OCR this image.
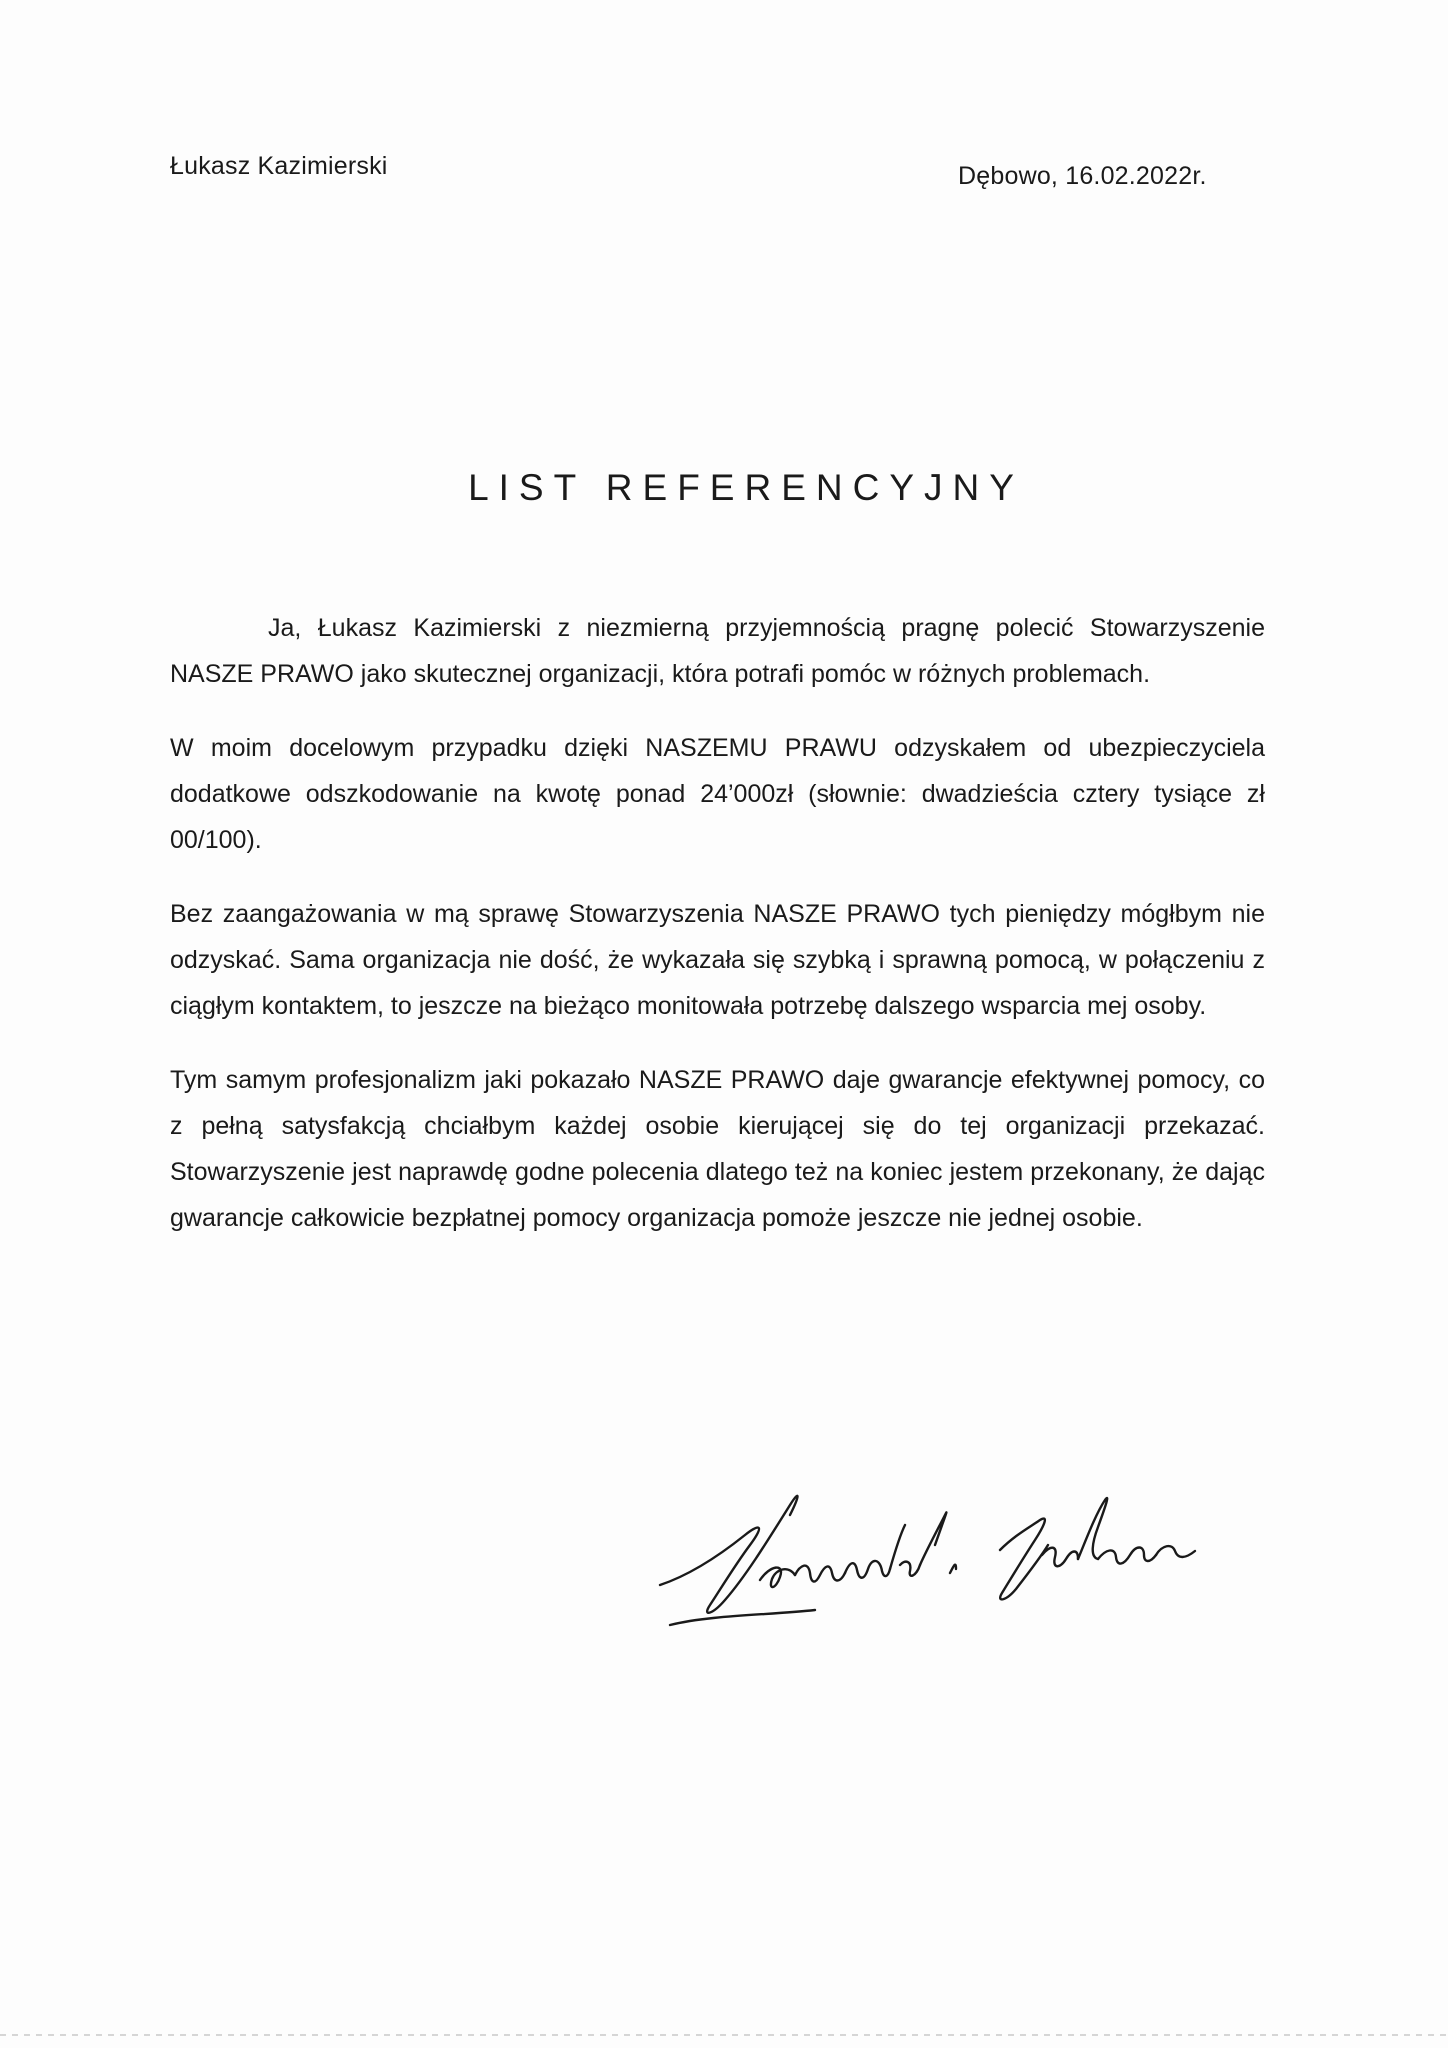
Łukasz Kazimierski	Dębowo, 16.02.2022r.
LIST REFERENCYJNY

Ja, Łukasz Kazimierski z niezmierną przyjemnością pragnę polecić Stowarzyszenie NASZE PRAWO jako skutecznej organizacji, która potrafi pomóc w różnych problemach.

W moim docelowym przypadku dzięki NASZEMU PRAWU odzyskałem od ubezpieczyciela dodatkowe odszkodowanie na kwotę ponad 24’000zł (słownie: dwadzieścia cztery tysiące zł 00/100).

Bez zaangażowania w mą sprawę Stowarzyszenia NASZE PRAWO tych pieniędzy mógłbym nie odzyskać. Sama organizacja nie dość, że wykazała się szybką i sprawną pomocą, w połączeniu z ciągłym kontaktem, to jeszcze na bieżąco monitowała potrzebę dalszego wsparcia mej osoby.

Tym samym profesjonalizm jaki pokazało NASZE PRAWO daje gwarancje efektywnej pomocy, co z pełną satysfakcją chciałbym każdej osobie kierującej się do tej organizacji przekazać. Stowarzyszenie jest naprawdę godne polecenia dlatego też na koniec jestem przekonany, że dając gwarancje całkowicie bezpłatnej pomocy organizacja pomoże jeszcze nie jednej osobie.
